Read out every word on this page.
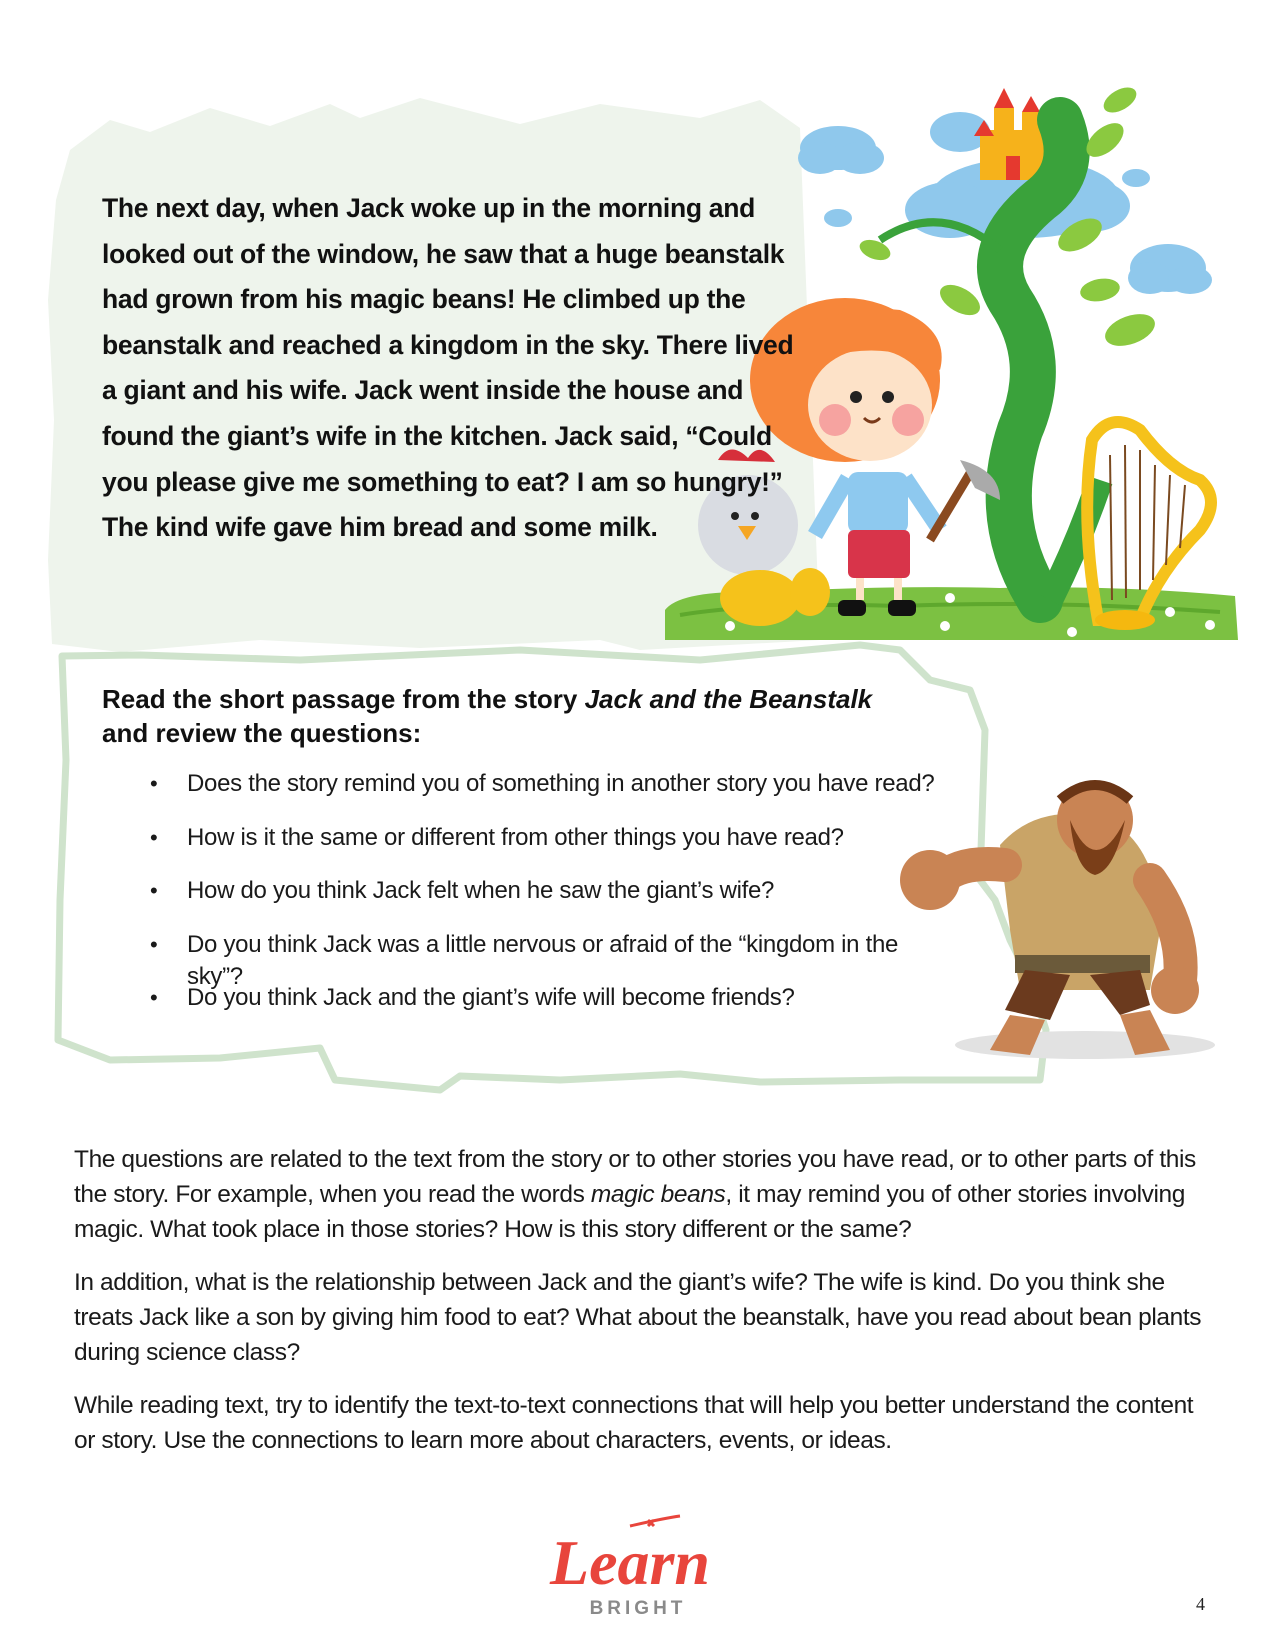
The next day, when Jack woke up in the morning and looked out of the window, he saw that a huge beanstalk had grown from his magic beans! He climbed up the beanstalk and reached a kingdom in the sky. There lived a giant and his wife. Jack went inside the house and found the giant’s wife in the kitchen. Jack said, “Could you please give me something to eat? I am so hungry!” The kind wife gave him bread and some milk.
Read the short passage from the story Jack and the Beanstalk
and review the questions:
• Does the story remind you of something in another story you have read?
• How is it the same or different from other things you have read?
• How do you think Jack felt when he saw the giant’s wife?
• Do you think Jack was a little nervous or afraid of the “kingdom in the sky”?
• Do you think Jack and the giant’s wife will become friends?

The questions are related to the text from the story or to other stories you have read, or to other parts of this the story. For example, when you read the words magic beans, it may remind you of other stories involving magic. What took place in those stories? How is this story different or the same?

In addition, what is the relationship between Jack and the giant’s wife? The wife is kind. Do you think she treats Jack like a son by giving him food to eat? What about the beanstalk, have you read about bean plants during science class?

While reading text, try to identify the text-to-text connections that will help you better understand the content or story. Use the connections to learn more about characters, events, or ideas.

Learn
BRIGHT	4
